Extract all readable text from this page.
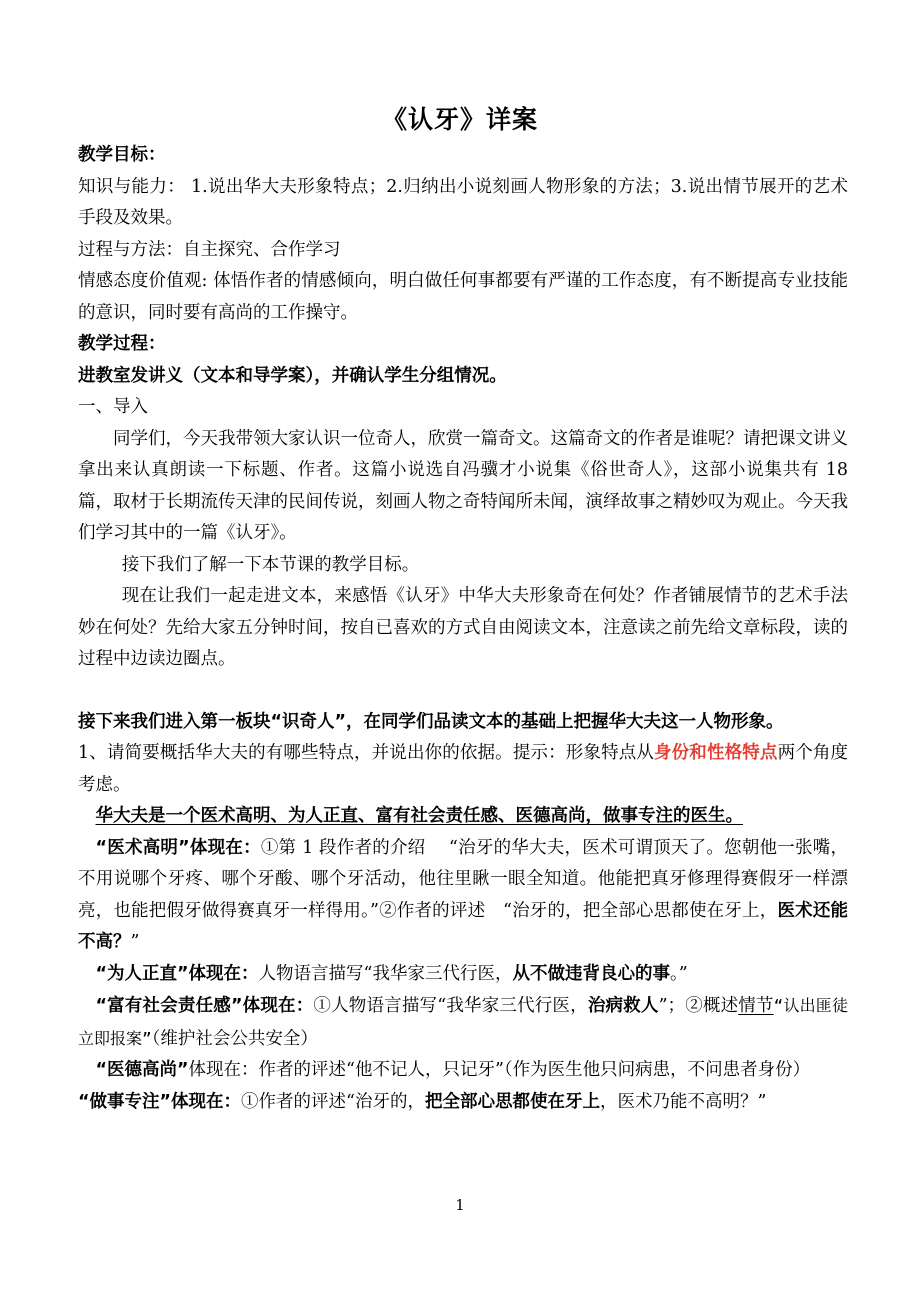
《认牙》详案

教学目标：

知识与能力： 1.说出华大夫形象特点；2.归纳出小说刻画人物形象的方法；3.说出情节展开的艺术手段及效果。

过程与方法：自主探究、合作学习

情感态度价值观: 体悟作者的情感倾向，明白做任何事都要有严谨的工作态度，有不断提高专业技能的意识，同时要有高尚的工作操守。

教学过程：

进教室发讲义（文本和导学案），并确认学生分组情况。

一、导入

同学们，今天我带领大家认识一位奇人，欣赏一篇奇文。这篇奇文的作者是谁呢？请把课文讲义拿出来认真朗读一下标题、作者。这篇小说选自冯骥才小说集《俗世奇人》，这部小说集共有 18 篇，取材于长期流传天津的民间传说，刻画人物之奇特闻所未闻，演绎故事之精妙叹为观止。今天我们学习其中的一篇《认牙》。

接下我们了解一下本节课的教学目标。

现在让我们一起走进文本，来感悟《认牙》中华大夫形象奇在何处？作者铺展情节的艺术手法妙在何处？先给大家五分钟时间，按自已喜欢的方式自由阅读文本，注意读之前先给文章标段，读的过程中边读边圈点。

接下来我们进入第一板块“识奇人”，在同学们品读文本的基础上把握华大夫这一人物形象。

1、请简要概括华大夫的有哪些特点，并说出你的依据。提示：形象特点从身份和性格特点两个角度考虑。

华大夫是一个医术高明、为人正直、富有社会责任感、医德高尚，做事专注的医生。

“医术高明”体现在：①第 1 段作者的介绍　 “治牙的华大夫，医术可谓顶天了。您朝他一张嘴，不用说哪个牙疼、哪个牙酸、哪个牙活动，他往里瞅一眼全知道。他能把真牙修理得赛假牙一样漂亮，也能把假牙做得赛真牙一样得用。”②作者的评述　“治牙的，把全部心思都使在牙上，医术还能不高？”

“为人正直”体现在：人物语言描写“我华家三代行医，从不做违背良心的事。”

“富有社会责任感”体现在：①人物语言描写“我华家三代行医，治病救人”；②概述情节“认出匪徒立即报案”（维护社会公共安全）

“医德高尚”体现在：作者的评述“他不记人，只记牙”（作为医生他只问病患，不问患者身份）

“做事专注”体现在：①作者的评述“治牙的，把全部心思都使在牙上，医术乃能不高明？”

1
